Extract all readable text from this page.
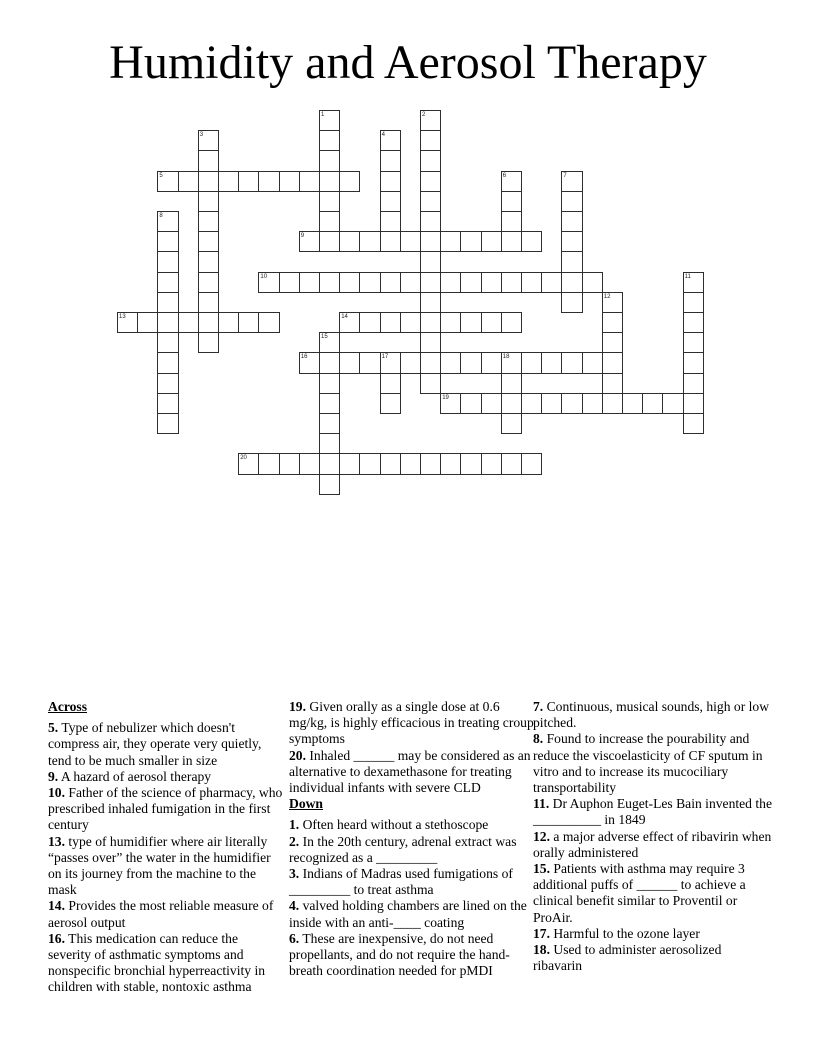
Humidity and Aerosol Therapy
1	2
3	4
5	6	7
8
9
10	11
12
13	14
15
16	17	18
19
20
Across
5. Type of nebulizer which doesn't compress air, they operate very quietly, tend to be much smaller in size
9. A hazard of aerosol therapy
10. Father of the science of pharmacy, who prescribed inhaled fumigation in the first century
13. type of humidifier where air literally “passes over” the water in the humidifier on its journey from the machine to the mask
14. Provides the most reliable measure of aerosol output
16. This medication can reduce the severity of asthmatic symptoms and nonspecific bronchial hyperreactivity in children with stable, nontoxic asthma
19. Given orally as a single dose at 0.6 mg/kg, is highly efficacious in treating croup symptoms
20. Inhaled ______ may be considered as an alternative to dexamethasone for treating individual infants with severe CLD
Down
1. Often heard without a stethoscope
2. In the 20th century, adrenal extract was recognized as a _________
3. Indians of Madras used fumigations of _________ to treat asthma
4. valved holding chambers are lined on the inside with an anti-____ coating
6. These are inexpensive, do not need propellants, and do not require the hand-breath coordination needed for pMDI
7. Continuous, musical sounds, high or low pitched.
8. Found to increase the pourability and reduce the viscoelasticity of CF sputum in vitro and to increase its mucociliary transportability
11. Dr Auphon Euget-Les Bain invented the __________ in 1849
12. a major adverse effect of ribavirin when orally administered
15. Patients with asthma may require 3 additional puffs of ______ to achieve a clinical benefit similar to Proventil or ProAir.
17. Harmful to the ozone layer
18. Used to administer aerosolized ribavarin
